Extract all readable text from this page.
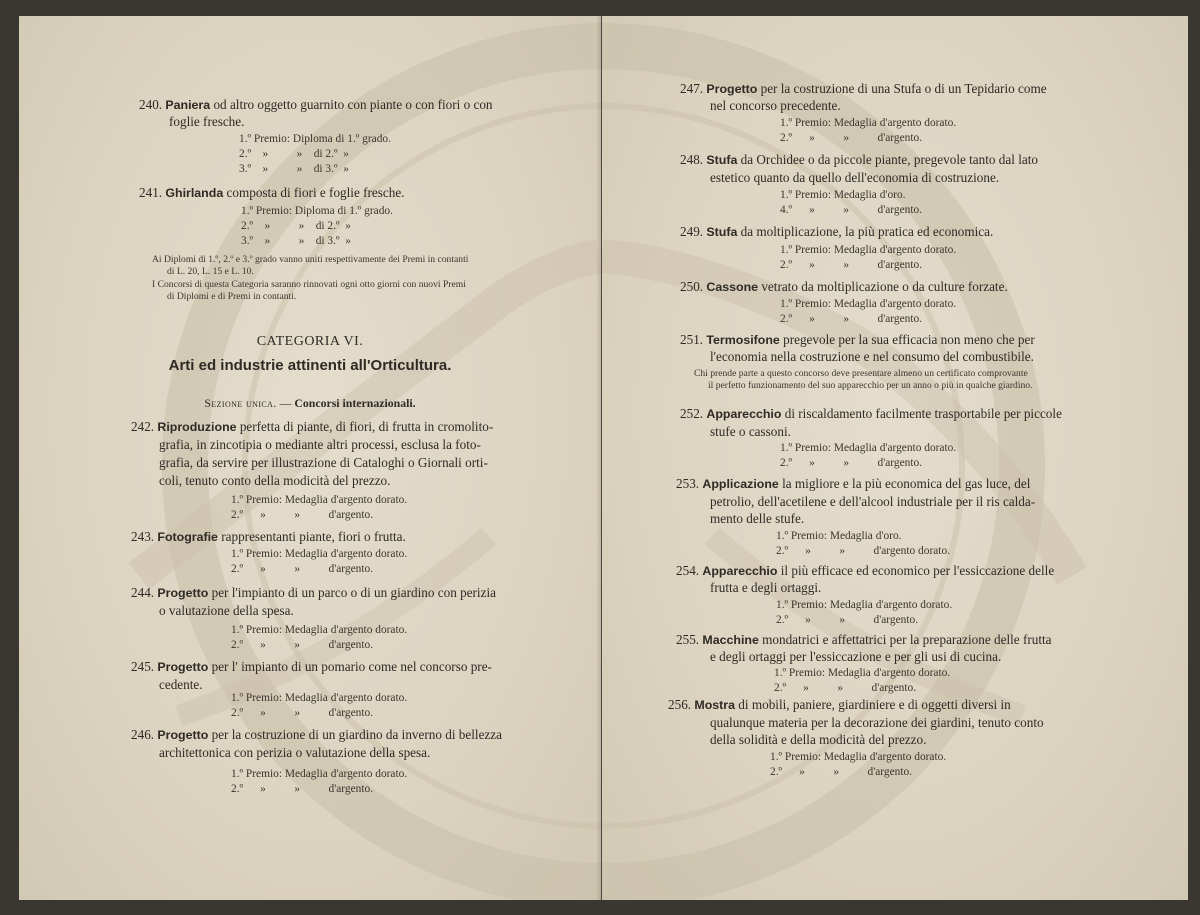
240. Paniera od altro oggetto guarnito con piante o con fiori o con
foglie fresche.
1.º Premio: Diploma di 1.º grado.
2.º    »          »    di 2.º  »
3.º    »          »    di 3.º  »
241. Ghirlanda composta di fiori e foglie fresche.
1.º Premio: Diploma di 1.º grado.
2.º    »          »    di 2.º  »
3.º    »          »    di 3.º  »
Ai Diplomi di 1.º, 2.º e 3.º grado vanno uniti respettivamente dei Premi in contanti
di L. 20, L. 15 e L. 10.
I Concorsi di questa Categoria saranno rinnovati ogni otto giorni con nuovi Premi
di Diplomi e di Premi in contanti.
CATEGORIA VI.
Arti ed industrie attinenti all'Orticultura.
Sezione unica. — Concorsi internazionali.
242. Riproduzione perfetta di piante, di fiori, di frutta in cromolito-
grafia, in zincotipia o mediante altri processi, esclusa la foto-
grafia, da servire per illustrazione di Cataloghi o Giornali orti-
coli, tenuto conto della modicità del prezzo.
1.º Premio: Medaglia d'argento dorato.
2.º      »          »          d'argento.
243. Fotografie rappresentanti piante, fiori o frutta.
1.º Premio: Medaglia d'argento dorato.
2.º      »          »          d'argento.
244. Progetto per l'impianto di un parco o di un giardino con perizia
o valutazione della spesa.
1.º Premio: Medaglia d'argento dorato.
2.º      »          »          d'argento.
245. Progetto per l' impianto di un pomario come nel concorso pre-
cedente.
1.º Premio: Medaglia d'argento dorato.
2.º      »          »          d'argento.
246. Progetto per la costruzione di un giardino da inverno di bellezza
architettonica con perizia o valutazione della spesa.
1.º Premio: Medaglia d'argento dorato.
2.º      »          »          d'argento.
247. Progetto per la costruzione di una Stufa o di un Tepidario come
nel concorso precedente.
1.º Premio: Medaglia d'argento dorato.
2.º      »          »          d'argento.
248. Stufa da Orchidee o da piccole piante, pregevole tanto dal lato
estetico quanto da quello dell'economia di costruzione.
1.º Premio: Medaglia d'oro.
4.º      »          »          d'argento.
249. Stufa da moltiplicazione, la più pratica ed economica.
1.º Premio: Medaglia d'argento dorato.
2.º      »          »          d'argento.
250. Cassone vetrato da moltiplicazione o da culture forzate.
1.º Premio: Medaglia d'argento dorato.
2.º      »          »          d'argento.
251. Termosifone pregevole per la sua efficacia non meno che per
l'economia nella costruzione e nel consumo del combustibile.
Chi prende parte a questo concorso deve presentare almeno un certificato comprovante
il perfetto funzionamento del suo apparecchio per un anno o più in qualche giardino.
252. Apparecchio di riscaldamento facilmente trasportabile per piccole
stufe o cassoni.
1.º Premio: Medaglia d'argento dorato.
2.º      »          »          d'argento.
253. Applicazione la migliore e la più economica del gas luce, del
petrolio, dell'acetilene e dell'alcool industriale per il ris calda-
mento delle stufe.
1.º Premio: Medaglia d'oro.
2.º      »          »          d'argento dorato.
254. Apparecchio il più efficace ed economico per l'essiccazione delle
frutta e degli ortaggi.
1.º Premio: Medaglia d'argento dorato.
2.º      »          »          d'argento.
255. Macchine mondatrici e affettatrici per la preparazione delle frutta
e degli ortaggi per l'essiccazione e per gli usi di cucina.
1.º Premio: Medaglia d'argento dorato.
2.º      »          »          d'argento.
256. Mostra di mobili, paniere, giardiniere e di oggetti diversi in
qualunque materia per la decorazione dei giardini, tenuto conto
della solidità e della modicità del prezzo.
1.º Premio: Medaglia d'argento dorato.
2.º      »          »          d'argento.
